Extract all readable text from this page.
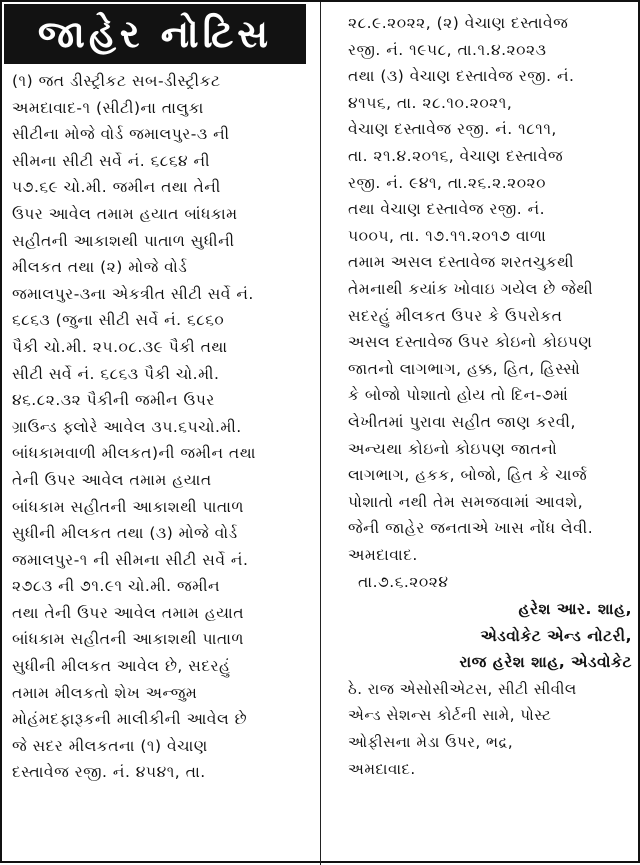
જાહેર નોટિસ
(૧) જત ડીસ્ટ્રીકટ સબ-ડીસ્ટ્રીકટ
અમદાવાદ-૧ (સીટી)ના તાલુકા
સીટીના મોજે વોર્ડ જમાલપુર-૩ ની
સીમના સીટી સર્વે નં. ૬૮૬૪ ની
૫૭.૬૯ ચો.મી. જમીન તથા તેની
ઉપર આવેલ તમામ હયાત બાંધકામ
સહીતની આકાશથી પાતાળ સુધીની
મીલકત તથા (૨) મોજે વોર્ડ
જમાલપુર-૩ના એકત્રીત સીટી સર્વે નં.
૬૮૬૩ (જુના સીટી સર્વે નં. ૬૮૬૦
પૈકી ચો.મી. ૨૫.૦૮.૩૯ પૈકી તથા
સીટી સર્વે નં. ૬૮૬૩ પૈકી ચો.મી.
૪૬.૮૨.૩૨ પૈકીની જમીન ઉપર
ગ્રાઉન્ડ ફ્લોરે આવેલ ૩૫.૬૫ચો.મી.
બાંધકામવાળી મીલકત)ની જમીન તથા
તેની ઉપર આવેલ તમામ હયાત
બાંધકામ સહીતની આકાશથી પાતાળ
સુધીની મીલકત તથા (૩) મોજે વોર્ડ
જમાલપુર-૧ ની સીમના સીટી સર્વે નં.
૨૭૮૩ ની ૭૧.૯૧ ચો.મી. જમીન
તથા તેની ઉપર આવેલ તમામ હયાત
બાંધકામ સહીતની આકાશથી પાતાળ
સુધીની મીલકત આવેલ છે, સદરહું
તમામ મીલકતો શેખ અન્જુમ
મોહંમદફારૂકની માલીકીની આવેલ છે
જે સદર મીલકતના (૧) વેચાણ
દસ્તાવેજ રજી. નં. ૪૫૪૧, તા.
૨૮.૯.૨૦૨૨, (૨) વેચાણ દસ્તાવેજ
રજી. નં. ૧૯૫૮, તા.૧.૪.૨૦૨૩
તથા (૩) વેચાણ દસ્તાવેજ રજી. નં.
૪૧૫૬, તા. ૨૮.૧૦.૨૦૨૧,
વેચાણ દસ્તાવેજ રજી. નં. ૧૮૧૧,
તા. ૨૧.૪.૨૦૧૬, વેચાણ દસ્તાવેજ
રજી. નં. ૯૪૧, તા.૨૬.૨.૨૦૨૦
તથા વેચાણ દસ્તાવેજ રજી. નં.
૫૦૦૫, તા. ૧૭.૧૧.૨૦૧૭ વાળા
તમામ અસલ દસ્તાવેજ શરતચુકથી
તેમનાથી કયાંક ખોવાઇ ગયેલ છે જેથી
સદરહું મીલકત ઉપર કે ઉપરોકત
અસલ દસ્તાવેજ ઉપર કોઇનો કોઇપણ
જાતનો લાગભાગ, હક્ક, હિત, હિસ્સો
કે બોજો પોશાતો હોય તો દિન-૭માં
લેખીતમાં પુરાવા સહીત જાણ કરવી,
અન્યથા કોઇનો કોઇપણ જાતનો
લાગભાગ, હકક, બોજો, હિત કે ચાર્જ
પોશાતો નથી તેમ સમજવામાં આવશે,
જેની જાહેર જનતાએ ખાસ નોંધ લેવી.
અમદાવાદ.
તા.૭.૬.૨૦૨૪
હરેશ આર. શાહ,
એડવોકેટ એન્ડ નોટરી,
રાજ હરેશ શાહ, એડવોકેટ
ઠે. રાજ એસોસીએટસ, સીટી સીવીલ
એન્ડ સેશન્સ કોર્ટની સામે, પોસ્ટ
ઓફીસના મેડા ઉપર, ભદ્ર,
અમદાવાદ.
